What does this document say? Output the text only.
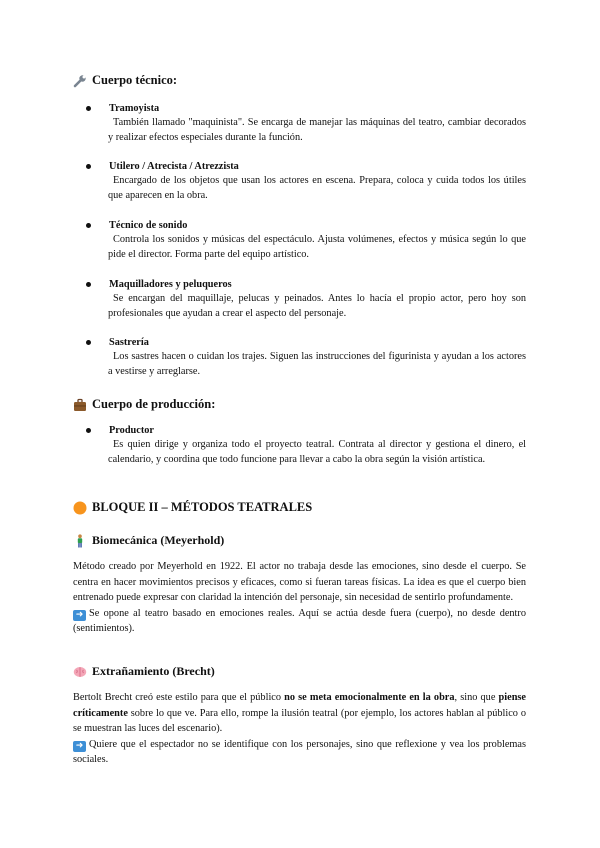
Cuerpo técnico:
Tramoyista
También llamado "maquinista". Se encarga de manejar las máquinas del teatro, cambiar decorados y realizar efectos especiales durante la función.
Utilero / Atrecista / Atrezzista
Encargado de los objetos que usan los actores en escena. Prepara, coloca y cuida todos los útiles que aparecen en la obra.
Técnico de sonido
Controla los sonidos y músicas del espectáculo. Ajusta volúmenes, efectos y música según lo que pide el director. Forma parte del equipo artístico.
Maquilladores y peluqueros
Se encargan del maquillaje, pelucas y peinados. Antes lo hacía el propio actor, pero hoy son profesionales que ayudan a crear el aspecto del personaje.
Sastrería
Los sastres hacen o cuidan los trajes. Siguen las instrucciones del figurinista y ayudan a los actores a vestirse y arreglarse.
Cuerpo de producción:
Productor
Es quien dirige y organiza todo el proyecto teatral. Contrata al director y gestiona el dinero, el calendario, y coordina que todo funcione para llevar a cabo la obra según la visión artística.
BLOQUE II – MÉTODOS TEATRALES
Biomecánica (Meyerhold)
Método creado por Meyerhold en 1922. El actor no trabaja desde las emociones, sino desde el cuerpo. Se centra en hacer movimientos precisos y eficaces, como si fueran tareas físicas. La idea es que el cuerpo bien entrenado puede expresar con claridad la intención del personaje, sin necesidad de sentirlo profundamente.
➜ Se opone al teatro basado en emociones reales. Aquí se actúa desde fuera (cuerpo), no desde dentro (sentimientos).
Extrañamiento (Brecht)
Bertolt Brecht creó este estilo para que el público no se meta emocionalmente en la obra, sino que piense críticamente sobre lo que ve. Para ello, rompe la ilusión teatral (por ejemplo, los actores hablan al público o se muestran las luces del escenario).
➜ Quiere que el espectador no se identifique con los personajes, sino que reflexione y vea los problemas sociales.
